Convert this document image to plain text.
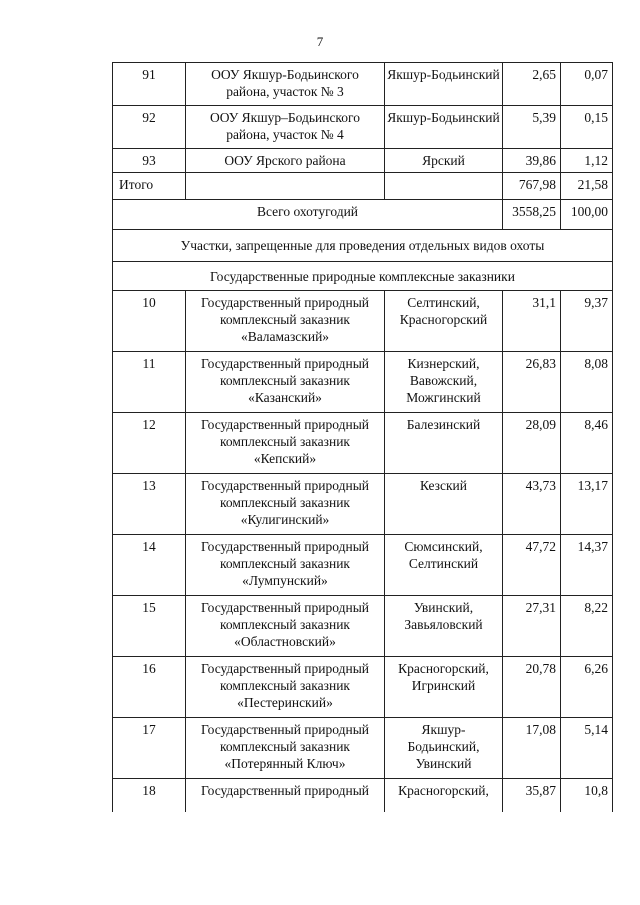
7
91	ООУ Якшур-Бодьинского района, участок № 3	Якшур-Бодьинский	2,65	0,07
92	ООУ Якшур–Бодьинского района, участок № 4	Якшур-Бодьинский	5,39	0,15
93	ООУ Ярского района	Ярский	39,86	1,12
Итого			767,98	21,58
Всего охотугодий			3558,25	100,00
Участки, запрещенные для проведения отдельных видов охоты				
Государственные природные комплексные заказники				
10	Государственный природный комплексный заказник «Валамазский»	Селтинский, Красногорский	31,1	9,37
11	Государственный природный комплексный заказник «Казанский»	Кизнерский, Вавожский, Можгинский	26,83	8,08
12	Государственный природный комплексный заказник «Кепский»	Балезинский	28,09	8,46
13	Государственный природный комплексный заказник «Кулигинский»	Кезский	43,73	13,17
14	Государственный природный комплексный заказник «Лумпунский»	Сюмсинский, Селтинский	47,72	14,37
15	Государственный природный комплексный заказник «Областновский»	Увинский, Завьяловский	27,31	8,22
16	Государственный природный комплексный заказник «Пестеринский»	Красногорский, Игринский	20,78	6,26
17	Государственный природный комплексный заказник «Потерянный Ключ»	Якшур-Бодьинский, Увинский	17,08	5,14
18	Государственный природный	Красногорский,	35,87	10,8
